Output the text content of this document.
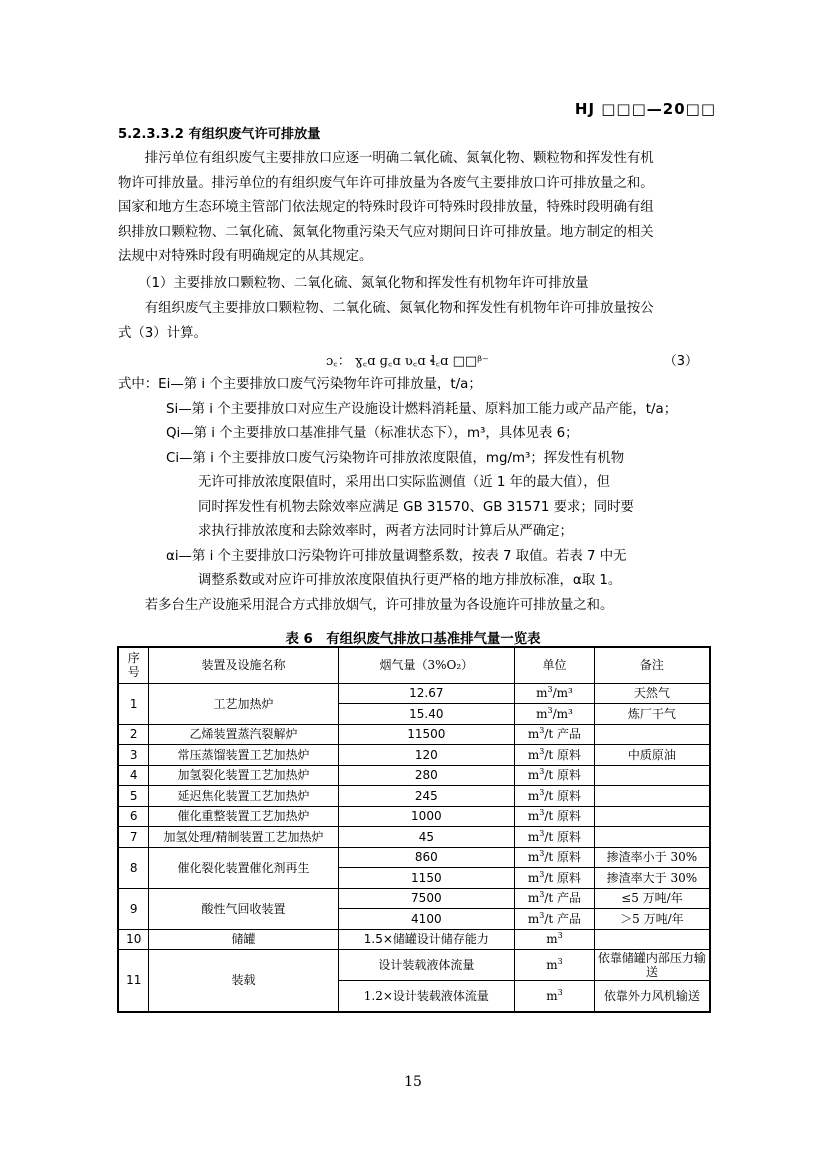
HJ □□□—20□□
5.2.3.3.2 有组织废气许可排放量
　　排污单位有组织废气主要排放口应逐一明确二氧化硫、氮氧化物、颗粒物和挥发性有机
物许可排放量。排污单位的有组织废气年许可排放量为各废气主要排放口许可排放量之和。
国家和地方生态环境主管部门依法规定的特殊时段许可特殊时段排放量，特殊时段明确有组
织排放口颗粒物、二氧化硫、氮氧化物重污染天气应对期间日许可排放量。地方制定的相关
法规中对特殊时段有明确规定的从其规定。
　　（1）主要排放口颗粒物、二氧化硫、氮氧化物和挥发性有机物年许可排放量
　　有组织废气主要排放口颗粒物、二氧化硫、氮氧化物和挥发性有机物年许可排放量按公
式（3）计算。
ɔ꜀： ɣ꜀ɑ ɡ꜀ɑ ʋ꜀ɑ ɬ꜀ɑ □□ᵝ⁻	（3）
式中：Ei—第 i 个主要排放口废气污染物年许可排放量，t/a；
Si—第 i 个主要排放口对应生产设施设计燃料消耗量、原料加工能力或产品产能，t/a；
Qi—第 i 个主要排放口基准排气量（标准状态下），m³，具体见表 6；
Ci—第 i 个主要排放口废气污染物许可排放浓度限值，mg/m³；挥发性有机物
无许可排放浓度限值时，采用出口实际监测值（近 1 年的最大值），但
同时挥发性有机物去除效率应满足 GB 31570、GB 31571 要求；同时要
求执行排放浓度和去除效率时，两者方法同时计算后从严确定；
αi—第 i 个主要排放口污染物许可排放量调整系数，按表 7 取值。若表 7 中无
调整系数或对应许可排放浓度限值执行更严格的地方排放标准，α取 1。
　　若多台生产设施采用混合方式排放烟气，许可排放量为各设施许可排放量之和。
表 6　有组织废气排放口基准排气量一览表
序号	装置及设施名称	烟气量（3%O₂）	单位	备注
1	工艺加热炉	12.67	$m^3/m^3$	天然气
		15.40	$m^3/m^3$	炼厂干气
2	乙烯装置蒸汽裂解炉	11500	$m^3/t$ 产品	
3	常压蒸馏装置工艺加热炉	120	$m^3/t$ 原料	中质原油
4	加氢裂化装置工艺加热炉	280	$m^3/t$ 原料	
5	延迟焦化装置工艺加热炉	245	$m^3/t$ 原料	
6	催化重整装置工艺加热炉	1000	$m^3/t$ 原料	
7	加氢处理/精制装置工艺加热炉	45	$m^3/t$ 原料	
8	催化裂化装置催化剂再生	860	$m^3/t$ 原料	掺渣率小于 30%
		1150	$m^3/t$ 原料	掺渣率大于 30%
9	酸性气回收装置	7500	$m^3/t$ 产品	≤5 万吨/年
		4100	$m^3/t$ 产品	＞5 万吨/年
10	储罐	1.5×储罐设计储存能力	$m^3$	
11	装载	设计装载液体流量	$m^3$	依靠储罐内部压力输送
		1.2×设计装载液体流量	$m^3$	依靠外力风机输送
15
